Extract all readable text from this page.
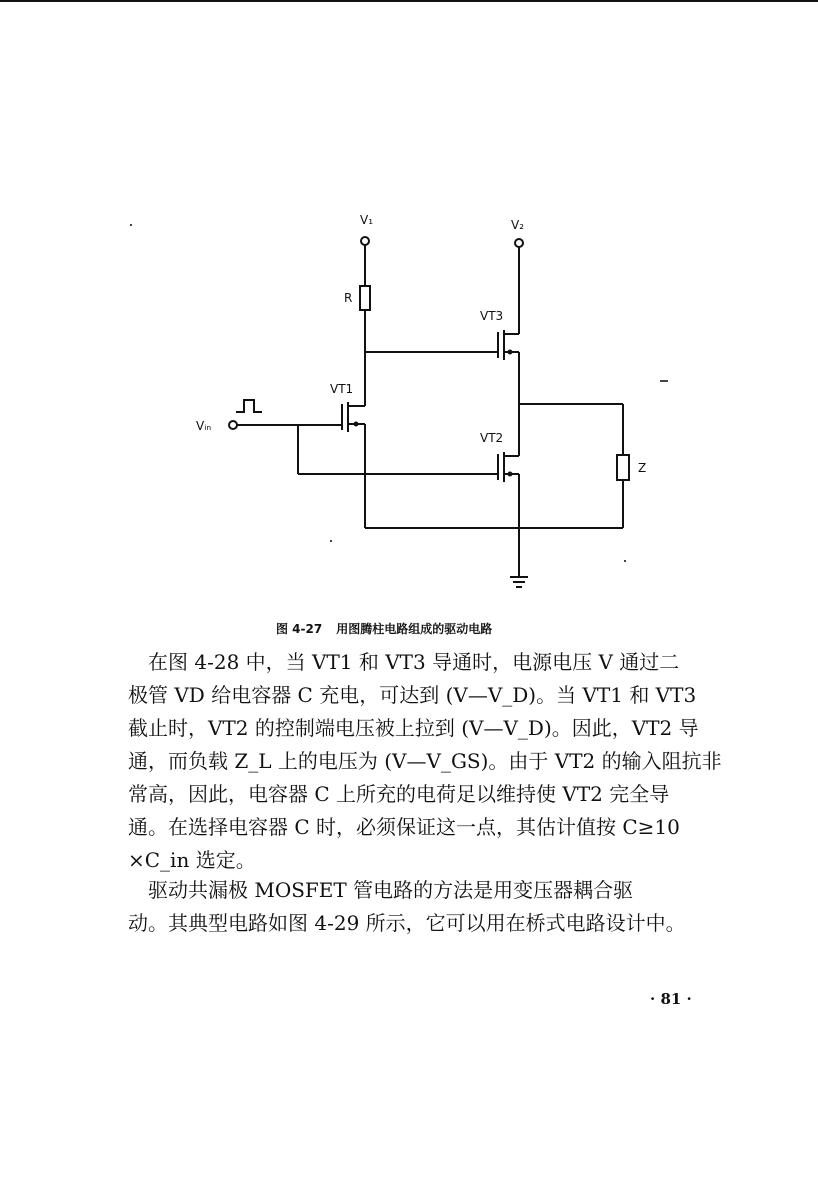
V₁
R
VT1
Vᵢₙ
V₂
VT3
Z
VT2
图 4-27 用图腾柱电路组成的驱动电路
　在图 4-28 中，当 VT1 和 VT3 导通时，电源电压 V 通过二
极管 VD 给电容器 C 充电，可达到 (V—V_D)。当 VT1 和 VT3
截止时，VT2 的控制端电压被上拉到 (V—V_D)。因此，VT2 导
通，而负载 Z_L 上的电压为 (V—V_GS)。由于 VT2 的输入阻抗非
常高，因此，电容器 C 上所充的电荷足以维持使 VT2 完全导
通。在选择电容器 C 时，必须保证这一点，其估计值按 C≥10
×C_in 选定。
　驱动共漏极 MOSFET 管电路的方法是用变压器耦合驱
动。其典型电路如图 4-29 所示，它可以用在桥式电路设计中。
· 81 ·
